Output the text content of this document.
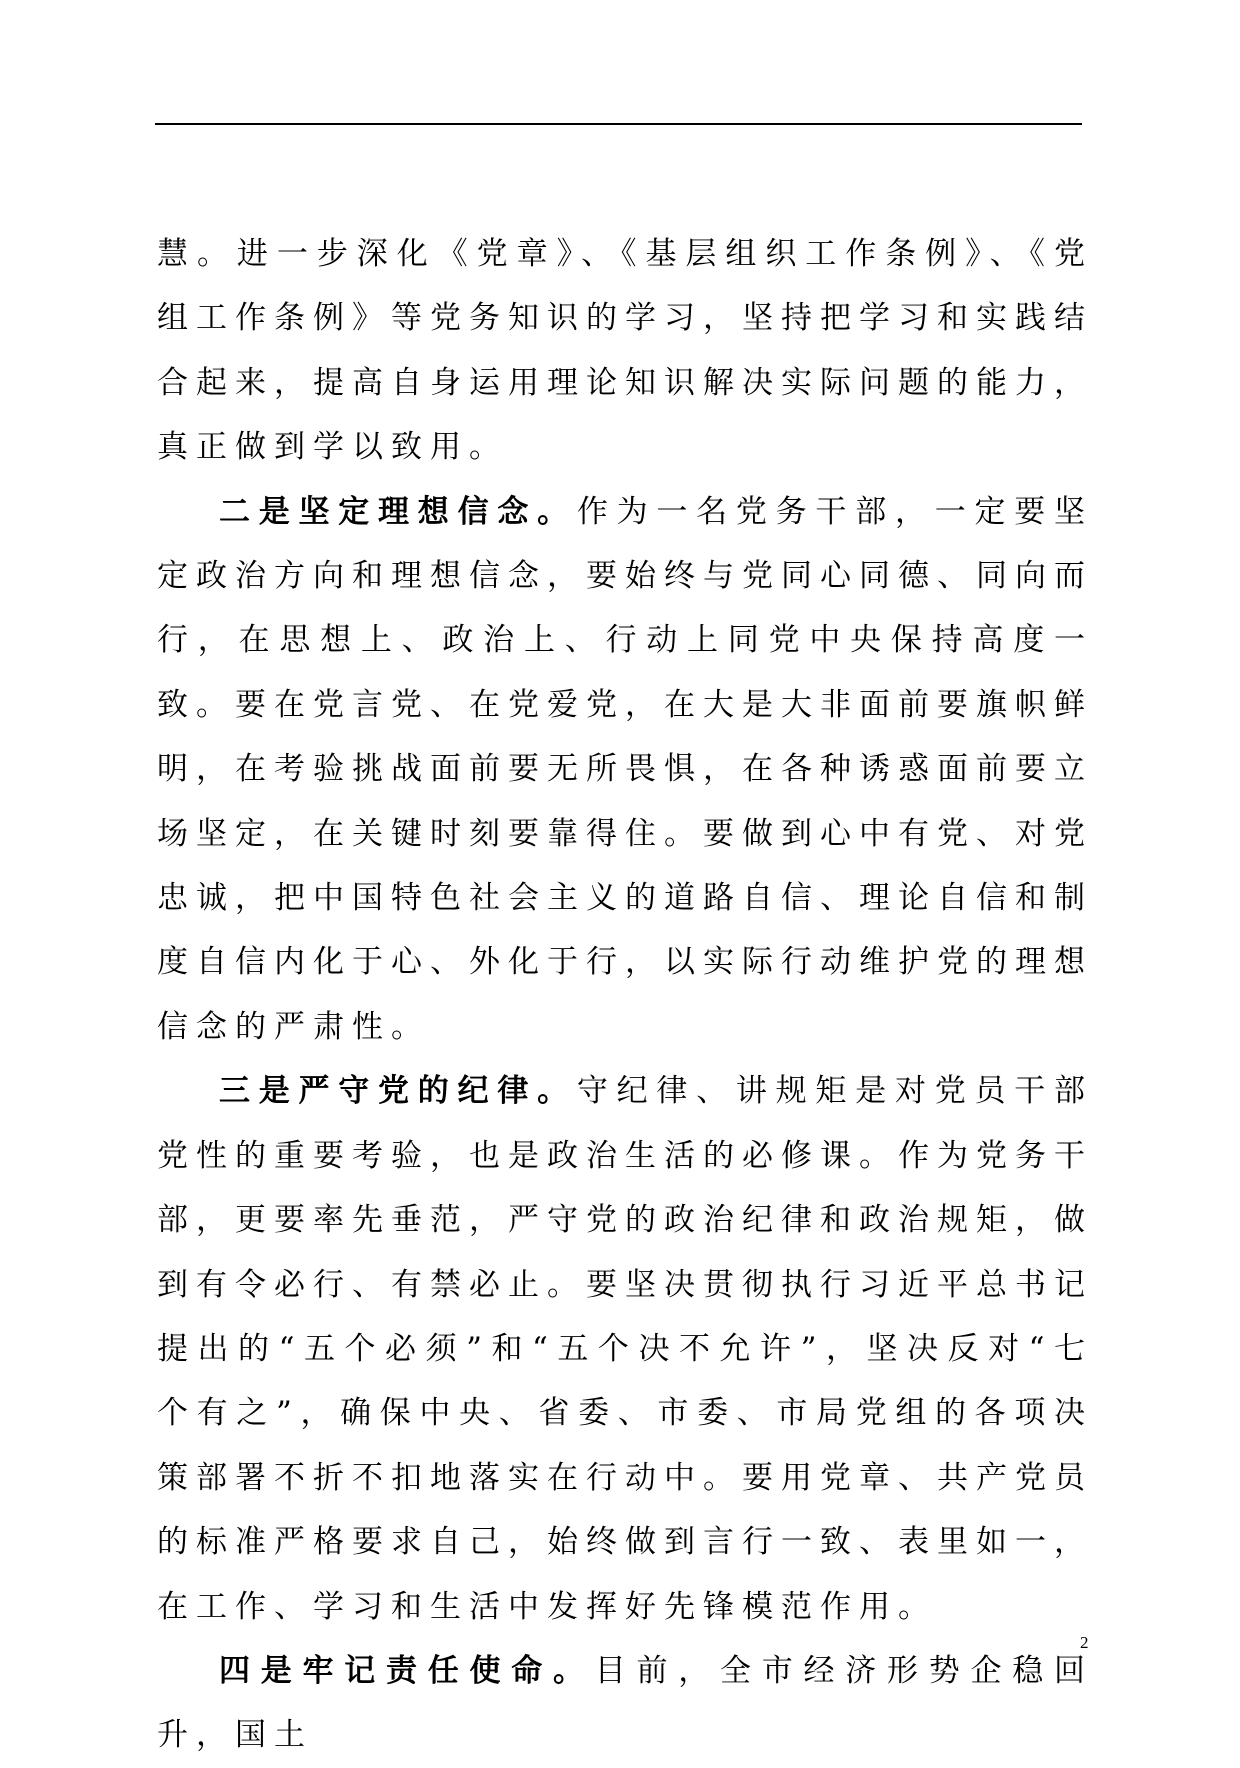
慧。进一步深化《党章》、《基层组织工作条例》、《党组工作条例》等党务知识的学习，坚持把学习和实践结合起来，提高自身运用理论知识解决实际问题的能力，真正做到学以致用。

二是坚定理想信念。作为一名党务干部，一定要坚定政治方向和理想信念，要始终与党同心同德、同向而行，在思想上、政治上、行动上同党中央保持高度一致。要在党言党、在党爱党，在大是大非面前要旗帜鲜明，在考验挑战面前要无所畏惧，在各种诱惑面前要立场坚定，在关键时刻要靠得住。要做到心中有党、对党忠诚，把中国特色社会主义的道路自信、理论自信和制度自信内化于心、外化于行，以实际行动维护党的理想信念的严肃性。

三是严守党的纪律。守纪律、讲规矩是对党员干部党性的重要考验，也是政治生活的必修课。作为党务干部，更要率先垂范，严守党的政治纪律和政治规矩，做到有令必行、有禁必止。要坚决贯彻执行习近平总书记提出的“五个必须”和“五个决不允许”，坚决反对“七个有之”，确保中央、省委、市委、市局党组的各项决策部署不折不扣地落实在行动中。要用党章、共产党员的标准严格要求自己，始终做到言行一致、表里如一，在工作、学习和生活中发挥好先锋模范作用。

四是牢记责任使命。目前，全市经济形势企稳回升，国土

2
